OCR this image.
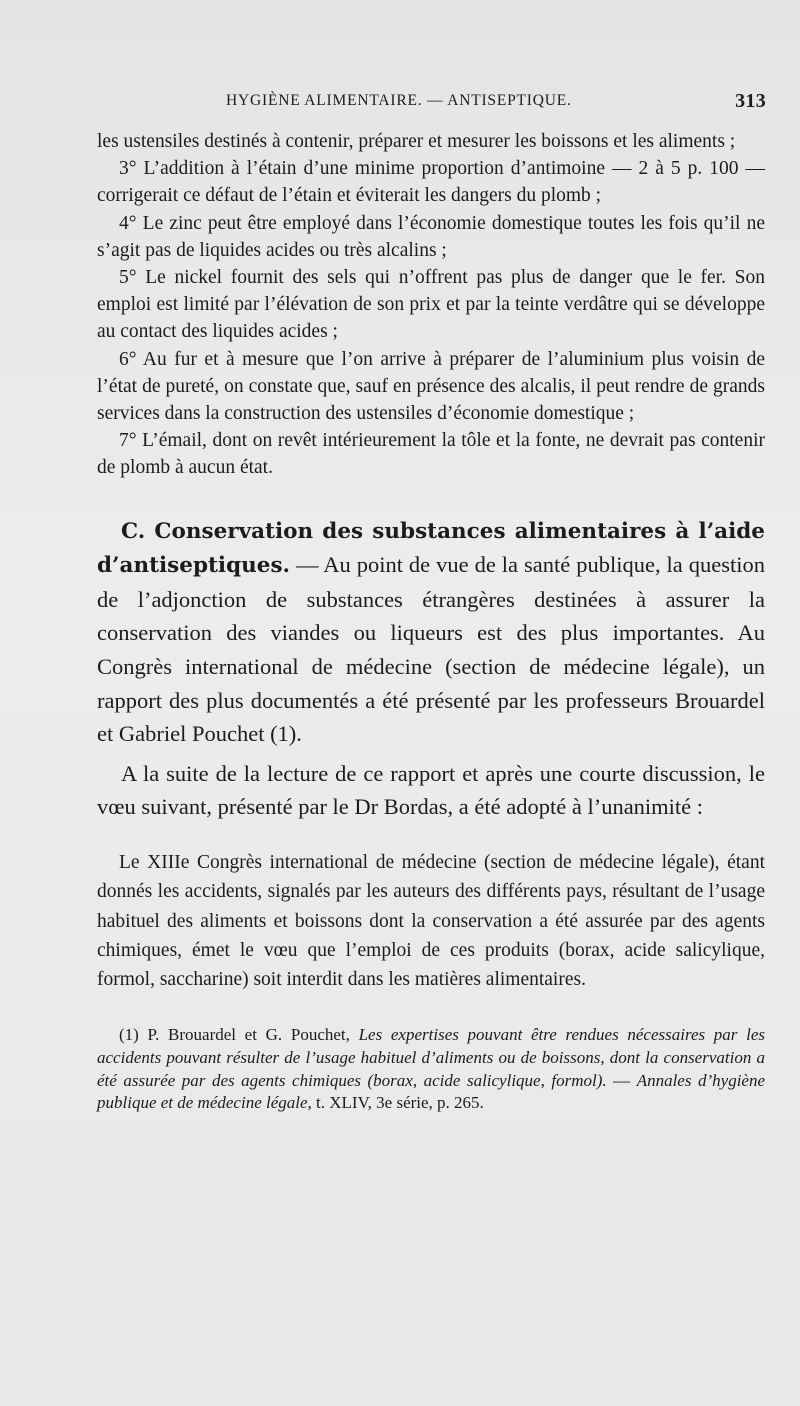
HYGIÈNE ALIMENTAIRE. — ANTISEPTIQUE.	313

les ustensiles destinés à contenir, préparer et mesurer les boissons et les aliments ;

3° L’addition à l’étain d’une minime proportion d’antimoine — 2 à 5 p. 100 — corrigerait ce défaut de l’étain et éviterait les dangers du plomb ;

4° Le zinc peut être employé dans l’économie domestique toutes les fois qu’il ne s’agit pas de liquides acides ou très alcalins ;

5° Le nickel fournit des sels qui n’offrent pas plus de danger que le fer. Son emploi est limité par l’élévation de son prix et par la teinte verdâtre qui se développe au contact des liquides acides ;

6° Au fur et à mesure que l’on arrive à préparer de l’aluminium plus voisin de l’état de pureté, on constate que, sauf en présence des alcalis, il peut rendre de grands services dans la construction des ustensiles d’économie domestique ;

7° L’émail, dont on revêt intérieurement la tôle et la fonte, ne devrait pas contenir de plomb à aucun état.

C. Conservation des substances alimentaires à l’aide d’antiseptiques. — Au point de vue de la santé publique, la question de l’adjonction de substances étrangères destinées à assurer la conservation des viandes ou liqueurs est des plus importantes. Au Congrès international de médecine (section de médecine légale), un rapport des plus documentés a été présenté par les professeurs Brouardel et Gabriel Pouchet (1).

A la suite de la lecture de ce rapport et après une courte discussion, le vœu suivant, présenté par le Dr Bordas, a été adopté à l’unanimité :

Le XIIIe Congrès international de médecine (section de médecine légale), étant donnés les accidents, signalés par les auteurs des différents pays, résultant de l’usage habituel des aliments et boissons dont la conservation a été assurée par des agents chimiques, émet le vœu que l’emploi de ces produits (borax, acide salicylique, formol, saccharine) soit interdit dans les matières alimentaires.

(1) P. Brouardel et G. Pouchet, Les expertises pouvant être rendues nécessaires par les accidents pouvant résulter de l’usage habituel d’aliments ou de boissons, dont la conservation a été assurée par des agents chimiques (borax, acide salicylique, formol). — Annales d’hygiène publique et de médecine légale, t. XLIV, 3e série, p. 265.
